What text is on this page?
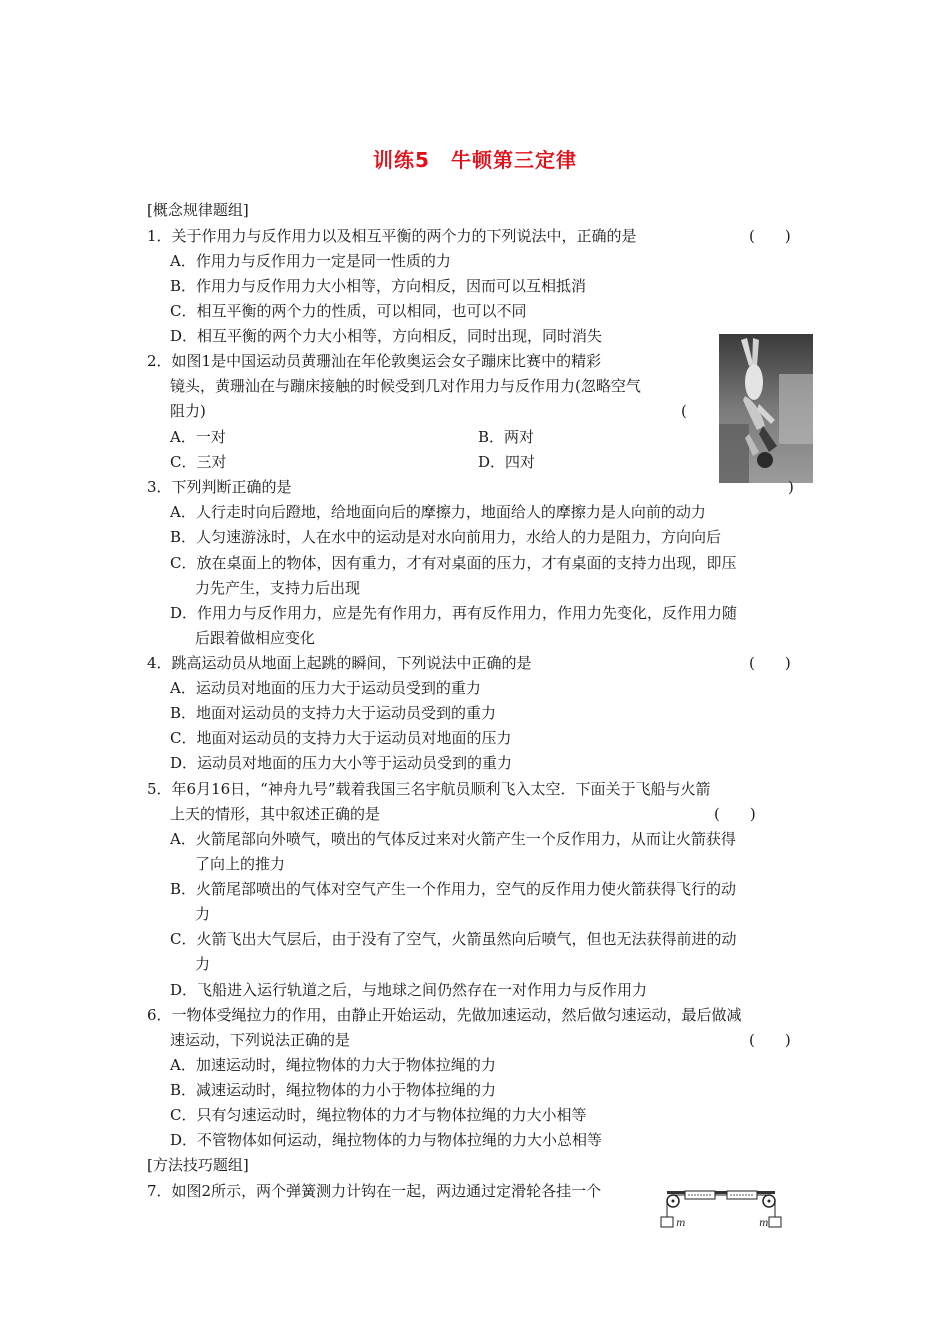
训练5　牛顿第三定律
[概念规律题组]
1．关于作用力与反作用力以及相互平衡的两个力的下列说法中，正确的是	(　　)
A．作用力与反作用力一定是同一性质的力
B．作用力与反作用力大小相等，方向相反，因而可以互相抵消
C．相互平衡的两个力的性质，可以相同，也可以不同
D．相互平衡的两个力大小相等，方向相反，同时出现，同时消失
2．如图1是中国运动员黄珊汕在年伦敦奥运会女子蹦床比赛中的精彩
镜头，黄珊汕在与蹦床接触的时候受到几对作用力与反作用力(忽略空气
阻力)	(
A．一对	B．两对
C．三对	D．四对
3．下列判断正确的是	)
A．人行走时向后蹬地，给地面向后的摩擦力，地面给人的摩擦力是人向前的动力
B．人匀速游泳时，人在水中的运动是对水向前用力，水给人的力是阻力，方向向后
C．放在桌面上的物体，因有重力，才有对桌面的压力，才有桌面的支持力出现，即压
力先产生，支持力后出现
D．作用力与反作用力，应是先有作用力，再有反作用力，作用力先变化，反作用力随
后跟着做相应变化
4．跳高运动员从地面上起跳的瞬间，下列说法中正确的是	(　　)
A．运动员对地面的压力大于运动员受到的重力
B．地面对运动员的支持力大于运动员受到的重力
C．地面对运动员的支持力大于运动员对地面的压力
D．运动员对地面的压力大小等于运动员受到的重力
5．年6月16日，“神舟九号”载着我国三名宇航员顺利飞入太空．下面关于飞船与火箭
上天的情形，其中叙述正确的是	(　　)
A．火箭尾部向外喷气，喷出的气体反过来对火箭产生一个反作用力，从而让火箭获得
了向上的推力
B．火箭尾部喷出的气体对空气产生一个作用力，空气的反作用力使火箭获得飞行的动
力
C．火箭飞出大气层后，由于没有了空气，火箭虽然向后喷气，但也无法获得前进的动
力
D．飞船进入运行轨道之后，与地球之间仍然存在一对作用力与反作用力
6．一物体受绳拉力的作用，由静止开始运动，先做加速运动，然后做匀速运动，最后做减
速运动，下列说法正确的是	(　　)
A．加速运动时，绳拉物体的力大于物体拉绳的力
B．减速运动时，绳拉物体的力小于物体拉绳的力
C．只有匀速运动时，绳拉物体的力才与物体拉绳的力大小相等
D．不管物体如何运动，绳拉物体的力与物体拉绳的力大小总相等
[方法技巧题组]
7．如图2所示，两个弹簧测力计钩在一起，两边通过定滑轮各挂一个
m	m
